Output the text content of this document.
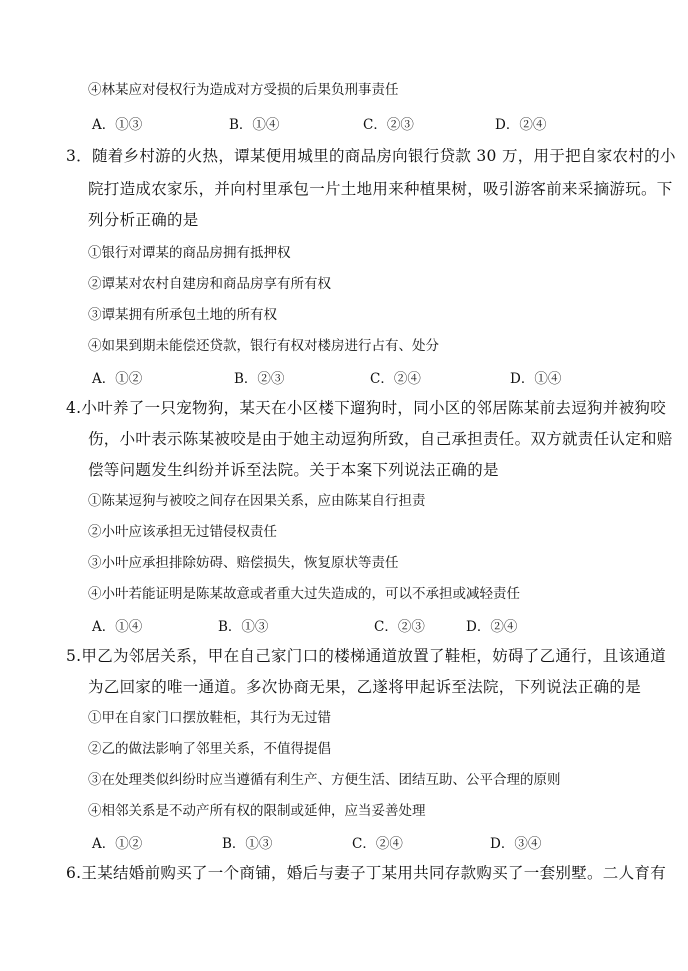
④林某应对侵权行为造成对方受损的后果负刑事责任
A．①③	B．①④	C．②③	D．②④
3．随着乡村游的火热，谭某便用城里的商品房向银行贷款 30 万，用于把自家农村的小
院打造成农家乐，并向村里承包一片土地用来种植果树，吸引游客前来采摘游玩。下
列分析正确的是
①银行对谭某的商品房拥有抵押权
②谭某对农村自建房和商品房享有所有权
③谭某拥有所承包土地的所有权
④如果到期未能偿还贷款，银行有权对楼房进行占有、处分
A．①②	B．②③	C．②④	D．①④
4.小叶养了一只宠物狗，某天在小区楼下遛狗时，同小区的邻居陈某前去逗狗并被狗咬
伤，小叶表示陈某被咬是由于她主动逗狗所致，自己承担责任。双方就责任认定和赔
偿等问题发生纠纷并诉至法院。关于本案下列说法正确的是
①陈某逗狗与被咬之间存在因果关系，应由陈某自行担责
②小叶应该承担无过错侵权责任
③小叶应承担排除妨碍、赔偿损失，恢复原状等责任
④小叶若能证明是陈某故意或者重大过失造成的，可以不承担或减轻责任
A．①④	B．①③	C．②③	D．②④
5.甲乙为邻居关系，甲在自己家门口的楼梯通道放置了鞋柜，妨碍了乙通行，且该通道
为乙回家的唯一通道。多次协商无果，乙遂将甲起诉至法院，下列说法正确的是
①甲在自家门口摆放鞋柜，其行为无过错
②乙的做法影响了邻里关系，不值得提倡
③在处理类似纠纷时应当遵循有利生产、方便生活、团结互助、公平合理的原则
④相邻关系是不动产所有权的限制或延伸，应当妥善处理
A．①②	B．①③	C．②④	D．③④
6.王某结婚前购买了一个商铺，婚后与妻子丁某用共同存款购买了一套别墅。二人育有
